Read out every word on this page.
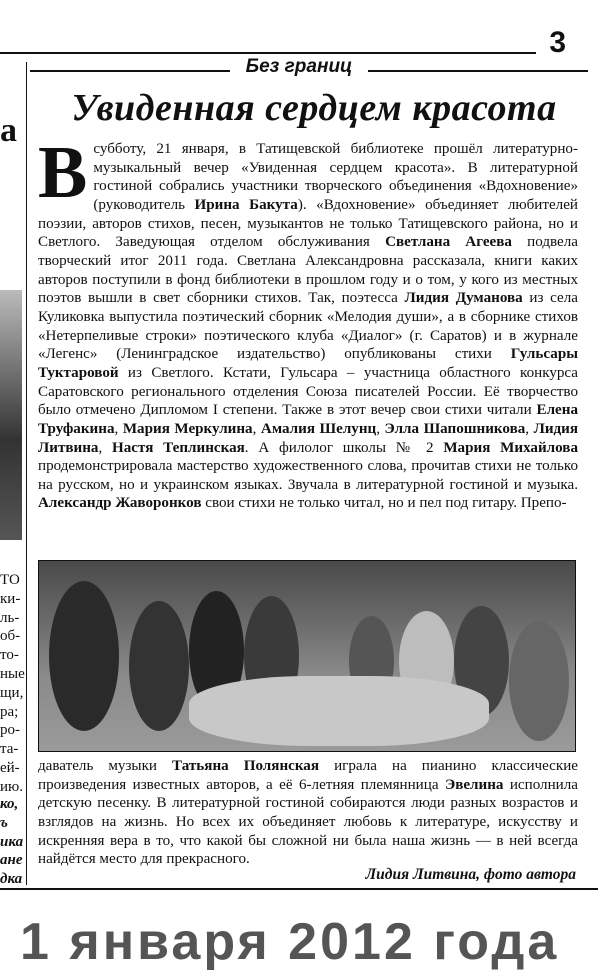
3
Без границ
Увиденная сердцем красота
В субботу, 21 января, в Татищевской библиотеке прошёл литературно-музыкальный вечер «Увиденная сердцем красота». В литературной гостиной собрались участники творческого объединения «Вдохновение» (руководитель Ирина Бакута). «Вдохновение» объединяет любителей поэзии, авторов стихов, песен, музыкантов не только Татищевского района, но и Светлого. Заведующая отделом обслуживания Светлана Агеева подвела творческий итог 2011 года. Светлана Александровна рассказала, книги каких авторов поступили в фонд библиотеки в прошлом году и о том, у кого из местных поэтов вышли в свет сборники стихов. Так, поэтесса Лидия Думанова из села Куликовка выпустила поэтический сборник «Мелодия души», а в сборнике стихов «Нетерпеливые строки» поэтического клуба «Диалог» (г. Саратов) и в журнале «Легенс» (Ленинградское издательство) опубликованы стихи Гульсары Туктаровой из Светлого. Кстати, Гульсара – участница областного конкурса Саратовского регионального отделения Союза писателей России. Её творчество было отмечено Дипломом I степени. Также в этот вечер свои стихи читали Елена Труфакина, Мария Меркулина, Амалия Шелунц, Элла Шапошникова, Лидия Литвина, Настя Теплинская. А филолог школы № 2 Мария Михайлова продемонстрировала мастерство художественного слова, прочитав стихи не только на русском, но и украинском языках. Звучала в литературной гостиной и музыка. Александр Жаворонков свои стихи не только читал, но и пел под гитару. Препо-
даватель музыки Татьяна Полянская играла на пианино классические произведения известных авторов, а её 6-летняя племянница Эвелина исполнила детскую песенку. В литературной гостиной собираются люди разных возрастов и взглядов на жизнь. Но всех их объединяет любовь к литературе, искусству и искренняя вера в то, что какой бы сложной ни была наша жизнь — в ней всегда найдётся место для прекрасного.
Лидия Литвина, фото автора
1 января 2012 года
а
ТО
ки-
ль-
об-
то-
ные
щи,
ра;
ро-
та-
ей-
ию.
ко,
ъ
ика
ане
дка
